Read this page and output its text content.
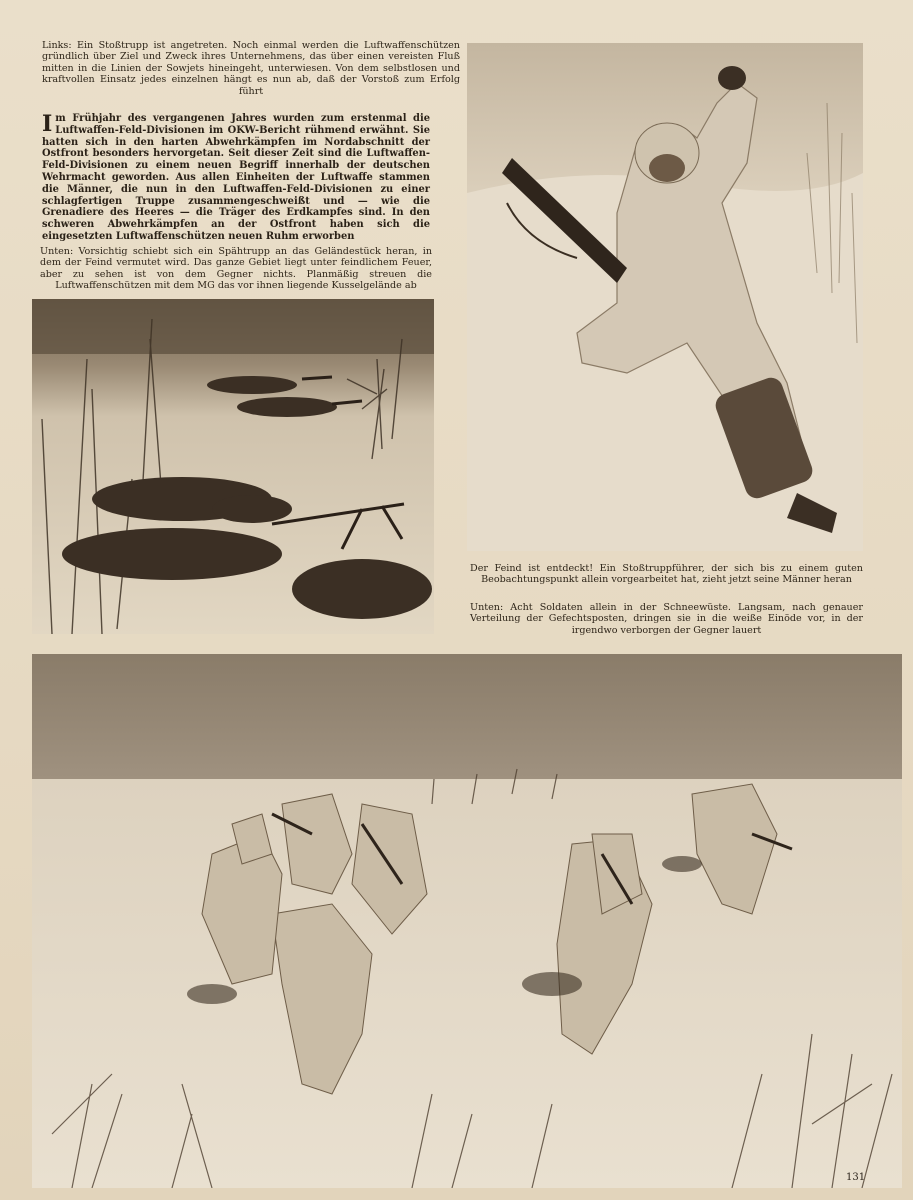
Links: Ein Stoßtrupp ist angetreten. Noch einmal werden die Luftwaffenschützen gründlich über Ziel und Zweck ihres Unternehmens, das über einen vereisten Fluß mitten in die Linien der Sowjets hineingeht, unterwiesen. Von dem selbstlosen und kraftvollen Einsatz jedes einzelnen hängt es nun ab, daß der Vorstoß zum Erfolg führt
Im Frühjahr des vergangenen Jahres wurden zum erstenmal die Luftwaffen-Feld-Divisionen im OKW-Bericht rühmend erwähnt. Sie hatten sich in den harten Abwehrkämpfen im Nordabschnitt der Ostfront besonders hervorgetan. Seit dieser Zeit sind die Luftwaffen-Feld-Divisionen zu einem neuen Begriff innerhalb der deutschen Wehrmacht geworden. Aus allen Einheiten der Luftwaffe stammen die Männer, die nun in den Luftwaffen-Feld-Divisionen zu einer schlagfertigen Truppe zusammengeschweißt und — wie die Grenadiere des Heeres — die Träger des Erdkampfes sind. In den schweren Abwehrkämpfen an der Ostfront haben sich die eingesetzten Luftwaffenschützen neuen Ruhm erworben
Unten: Vorsichtig schiebt sich ein Spähtrupp an das Geländestück heran, in dem der Feind vermutet wird. Das ganze Gebiet liegt unter feindlichem Feuer, aber zu sehen ist von dem Gegner nichts. Planmäßig streuen die Luftwaffenschützen mit dem MG das vor ihnen liegende Kusselgelände ab
Der Feind ist entdeckt! Ein Stoßtruppführer, der sich bis zu einem guten Beobachtungspunkt allein vorgearbeitet hat, zieht jetzt seine Männer heran
Unten: Acht Soldaten allein in der Schneewüste. Langsam, nach genauer Verteilung der Gefechtsposten, dringen sie in die weiße Einöde vor, in der irgendwo verborgen der Gegner lauert
131
